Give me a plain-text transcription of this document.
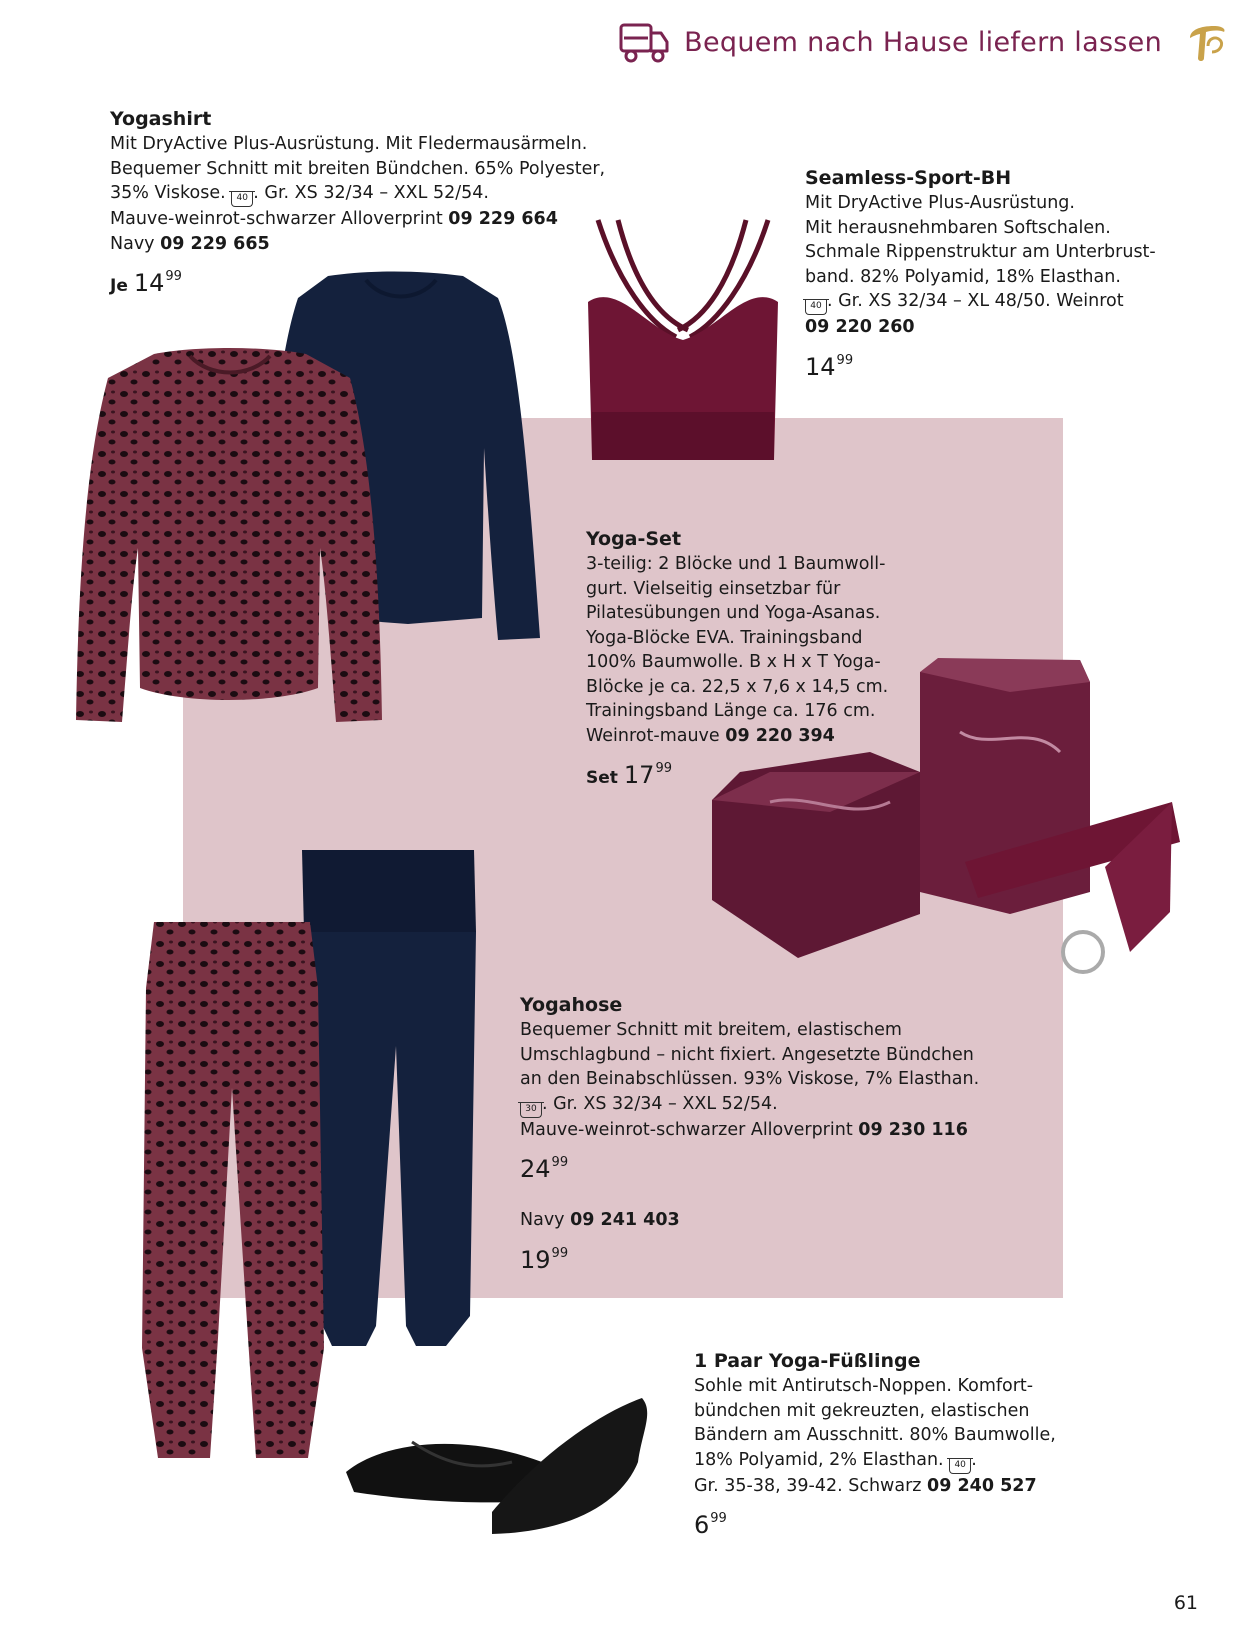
Bequem nach Hause liefern lassen
Yogashirt
Mit DryActive Plus-Ausrüstung. Mit Fledermausärmeln.
Bequemer Schnitt mit breiten Bündchen. 65% Polyester,
35% Viskose. 40 . Gr. XS 32/34 – XXL 52/54.
Mauve-weinrot-schwarzer Alloverprint 09 229 664
Navy 09 229 665
Je $14^{99}$
Seamless-Sport-BH
Mit DryActive Plus-Ausrüstung.
Mit herausnehmbaren Softschalen.
Schmale Rippenstruktur am Unterbrust-
band. 82% Polyamid, 18% Elasthan.
40 . Gr. XS 32/34 – XL 48/50. Weinrot
09 220 260
$14^{99}$
Yoga-Set
3-teilig: 2 Blöcke und 1 Baumwoll-
gurt. Vielseitig einsetzbar für
Pilatesübungen und Yoga-Asanas.
Yoga-Blöcke EVA. Trainingsband
100% Baumwolle. B x H x T Yoga-
Blöcke je ca. 22,5 x 7,6 x 14,5 cm.
Trainingsband Länge ca. 176 cm.
Weinrot-mauve 09 220 394
Set $17^{99}$
Yogahose
Bequemer Schnitt mit breitem, elastischem
Umschlagbund – nicht fixiert. Angesetzte Bündchen
an den Beinabschlüssen. 93% Viskose, 7% Elasthan.
30 . Gr. XS 32/34 – XXL 52/54.
Mauve-weinrot-schwarzer Alloverprint 09 230 116
$24^{99}$
Navy 09 241 403
$19^{99}$
1 Paar Yoga-Füßlinge
Sohle mit Antirutsch-Noppen. Komfort-
bündchen mit gekreuzten, elastischen
Bändern am Ausschnitt. 80% Baumwolle,
18% Polyamid, 2% Elasthan. 40 .
Gr. 35-38, 39-42. Schwarz 09 240 527
$6^{99}$
61
